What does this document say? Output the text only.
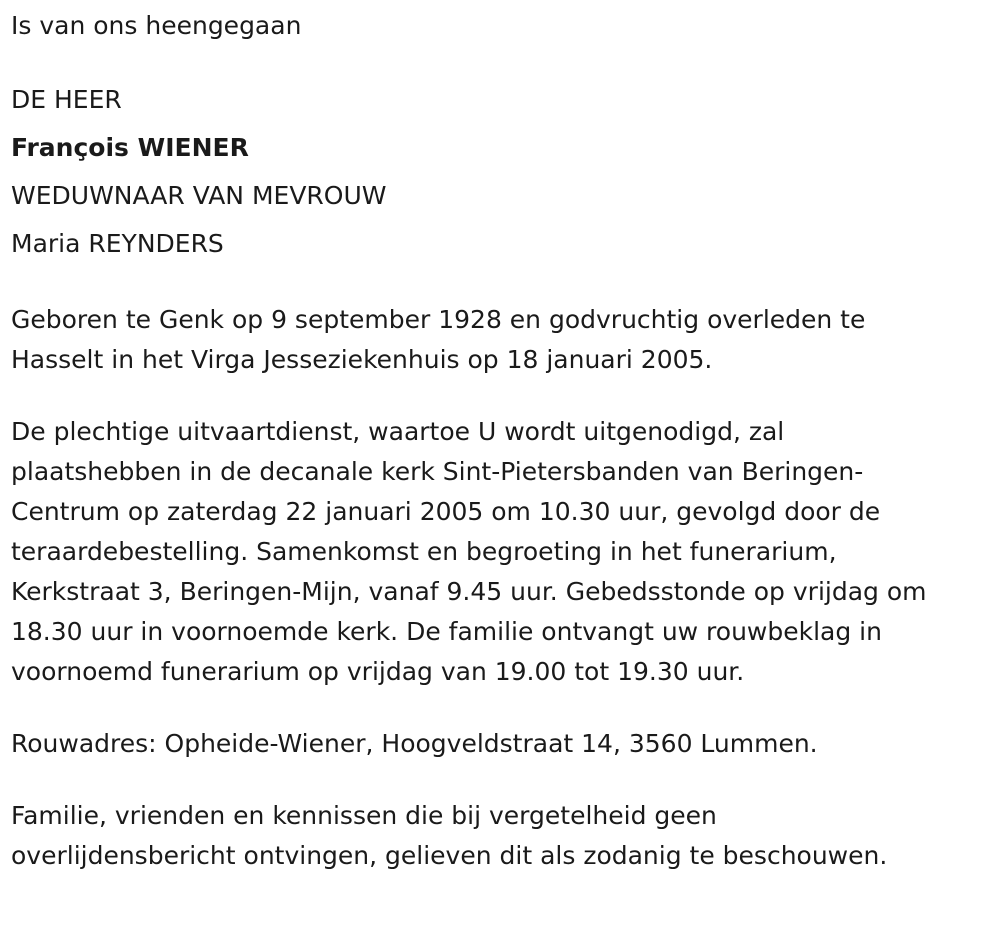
Is van ons heengegaan

DE HEER

François WIENER

WEDUWNAAR VAN MEVROUW

Maria REYNDERS

Geboren te Genk op 9 september 1928 en godvruchtig overleden te
Hasselt in het Virga Jesseziekenhuis op 18 januari 2005.

De plechtige uitvaartdienst, waartoe U wordt uitgenodigd, zal
plaatshebben in de decanale kerk Sint-Pietersbanden van Beringen-
Centrum op zaterdag 22 januari 2005 om 10.30 uur, gevolgd door de
teraardebestelling. Samenkomst en begroeting in het funerarium,
Kerkstraat 3, Beringen-Mijn, vanaf 9.45 uur. Gebedsstonde op vrijdag om
18.30 uur in voornoemde kerk. De familie ontvangt uw rouwbeklag in
voornoemd funerarium op vrijdag van 19.00 tot 19.30 uur.

Rouwadres: Opheide-Wiener, Hoogveldstraat 14, 3560 Lummen.

Familie, vrienden en kennissen die bij vergetelheid geen
overlijdensbericht ontvingen, gelieven dit als zodanig te beschouwen.
